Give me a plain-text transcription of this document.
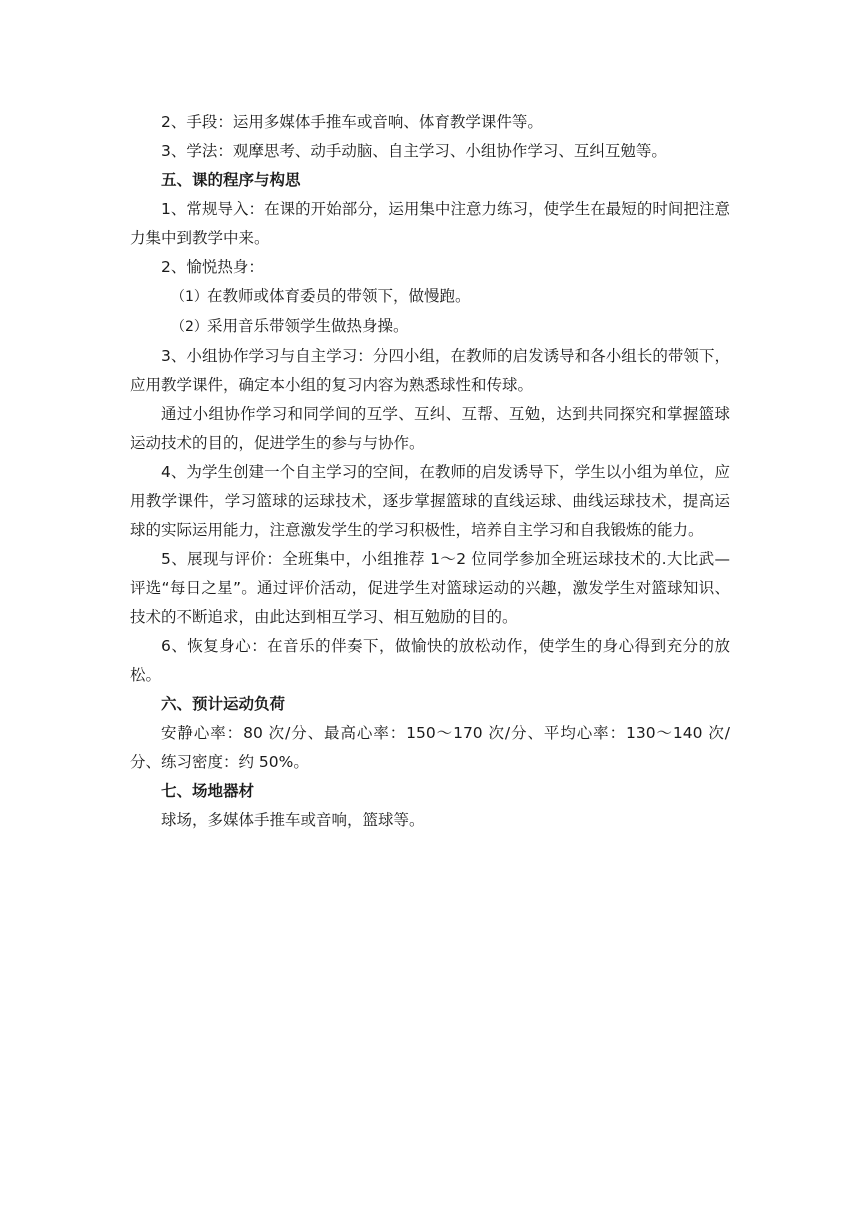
2、手段：运用多媒体手推车或音响、体育教学课件等。

3、学法：观摩思考、动手动脑、自主学习、小组协作学习、互纠互勉等。

五、课的程序与构思

1、常规导入：在课的开始部分，运用集中注意力练习，使学生在最短的时间把注意力集中到教学中来。

2、愉悦热身：

（1）在教师或体育委员的带领下，做慢跑。

（2）采用音乐带领学生做热身操。

3、小组协作学习与自主学习：分四小组，在教师的启发诱导和各小组长的带领下，应用教学课件，确定本小组的复习内容为熟悉球性和传球。

通过小组协作学习和同学间的互学、互纠、互帮、互勉，达到共同探究和掌握篮球运动技术的目的，促进学生的参与与协作。

4、为学生创建一个自主学习的空间，在教师的启发诱导下，学生以小组为单位，应用教学课件，学习篮球的运球技术，逐步掌握篮球的直线运球、曲线运球技术，提高运球的实际运用能力，注意激发学生的学习积极性，培养自主学习和自我锻炼的能力。

5、展现与评价：全班集中，小组推荐 1～2 位同学参加全班运球技术的.大比武—评选“每日之星”。通过评价活动，促进学生对篮球运动的兴趣，激发学生对篮球知识、技术的不断追求，由此达到相互学习、相互勉励的目的。

6、恢复身心：在音乐的伴奏下，做愉快的放松动作，使学生的身心得到充分的放松。

六、预计运动负荷

安静心率：80 次/分、最高心率：150～170 次/分、平均心率：130～140 次/分、练习密度：约 50%。

七、场地器材

球场，多媒体手推车或音响，篮球等。
